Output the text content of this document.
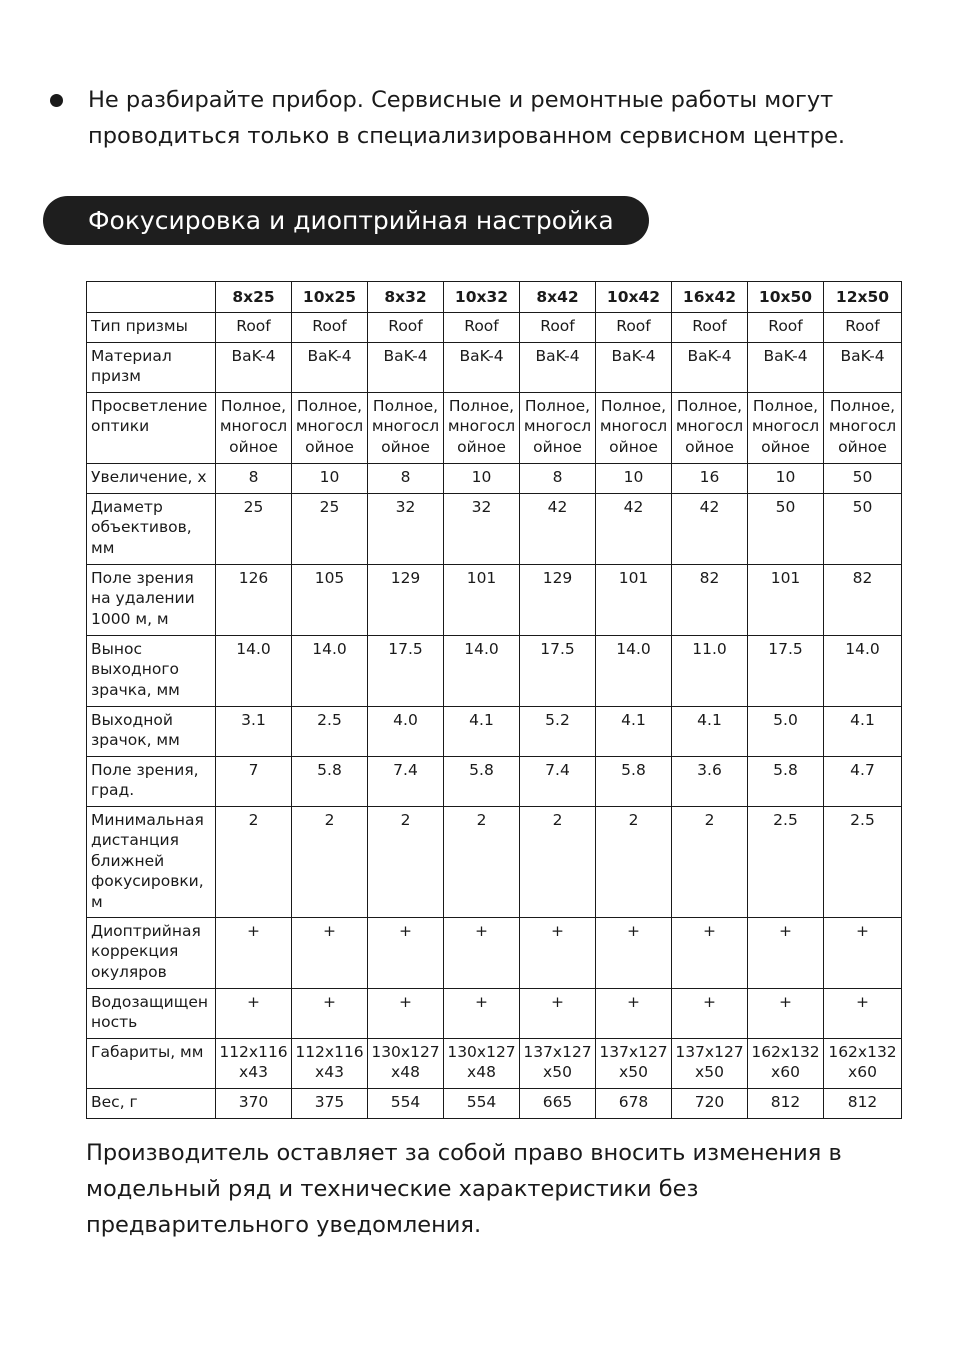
Не разбирайте прибор. Сервисные и ремонтные работы могут
проводиться только в специализированном сервисном центре.
Фокусировка и диоптрийная настройка
	8x25	10x25	8x32	10x32	8x42	10x42	16x42	10x50	12x50
Тип призмы	Roof	Roof	Roof	Roof	Roof	Roof	Roof	Roof	Roof
Материал призм	BaK-4	BaK-4	BaK-4	BaK-4	BaK-4	BaK-4	BaK-4	BaK-4	BaK-4
Просветление оптики	Полное,
многосл
ойное	Полное,
многосл
ойное	Полное,
многосл
ойное	Полное,
многосл
ойное	Полное,
многосл
ойное	Полное,
многосл
ойное	Полное,
многосл
ойное	Полное,
многосл
ойное	Полное,
многосл
ойное
Увеличение, х	8	10	8	10	8	10	16	10	50
Диаметр объективов, мм	25	25	32	32	42	42	42	50	50
Поле зрения на удалении 1000 м, м	126	105	129	101	129	101	82	101	82
Вынос выходного зрачка, мм	14.0	14.0	17.5	14.0	17.5	14.0	11.0	17.5	14.0
Выходной зрачок, мм	3.1	2.5	4.0	4.1	5.2	4.1	4.1	5.0	4.1
Поле зрения, град.	7	5.8	7.4	5.8	7.4	5.8	3.6	5.8	4.7
Минимальная дистанция ближней фокусировки, м	2	2	2	2	2	2	2	2.5	2.5
Диоптрийная коррекция окуляров	+	+	+	+	+	+	+	+	+
Водозащищен ность	+	+	+	+	+	+	+	+	+
Габариты, мм	112x116
x43	112x116
x43	130x127
x48	130x127
x48	137x127
x50	137x127
x50	137x127
x50	162x132
x60	162x132
x60
Вес, г	370	375	554	554	665	678	720	812	812
Производитель оставляет за собой право вносить изменения в
модельный ряд и технические характеристики без
предварительного уведомления.
